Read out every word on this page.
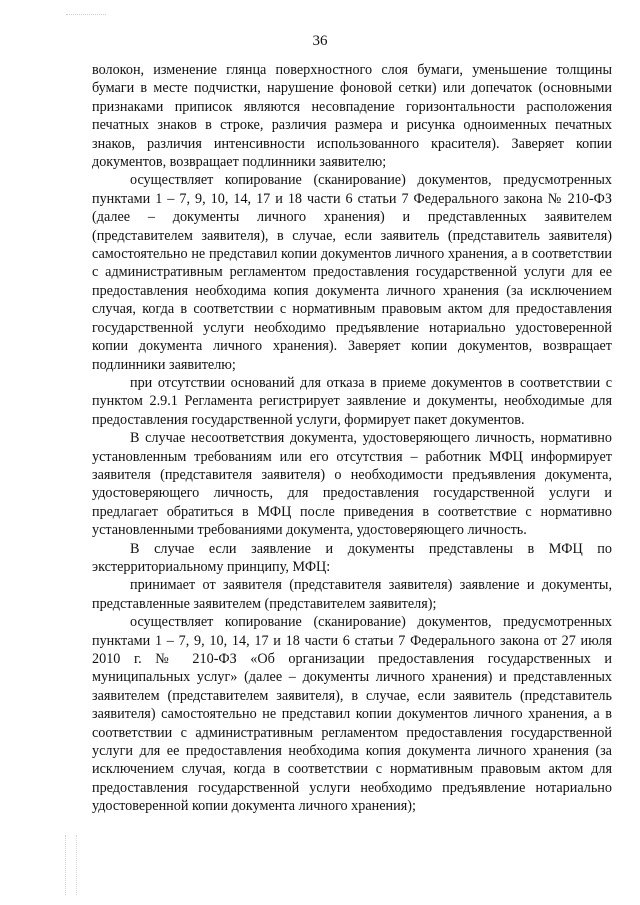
36

волокон, изменение глянца поверхностного слоя бумаги, уменьшение толщины бумаги в месте подчистки, нарушение фоновой сетки) или допечаток (основными признаками приписок являются несовпадение горизонтальности расположения печатных знаков в строке, различия размера и рисунка одноименных печатных знаков, различия интенсивности использованного красителя). Заверяет копии документов, возвращает подлинники заявителю;

осуществляет копирование (сканирование) документов, предусмотренных пунктами 1 – 7, 9, 10, 14, 17 и 18 части 6 статьи 7 Федерального закона № 210-ФЗ (далее – документы личного хранения) и представленных заявителем (представителем заявителя), в случае, если заявитель (представитель заявителя) самостоятельно не представил копии документов личного хранения, а в соответствии с административным регламентом предоставления государственной услуги для ее предоставления необходима копия документа личного хранения (за исключением случая, когда в соответствии с нормативным правовым актом для предоставления государственной услуги необходимо предъявление нотариально удостоверенной копии документа личного хранения). Заверяет копии документов, возвращает подлинники заявителю;

при отсутствии оснований для отказа в приеме документов в соответствии с пунктом 2.9.1 Регламента регистрирует заявление и документы, необходимые для предоставления государственной услуги, формирует пакет документов.

В случае несоответствия документа, удостоверяющего личность, нормативно установленным требованиям или его отсутствия – работник МФЦ информирует заявителя (представителя заявителя) о необходимости предъявления документа, удостоверяющего личность, для предоставления государственной услуги и предлагает обратиться в МФЦ после приведения в соответствие с нормативно установленными требованиями документа, удостоверяющего личность.

В случае если заявление и документы представлены в МФЦ по экстерриториальному принципу, МФЦ:

принимает от заявителя (представителя заявителя) заявление и документы, представленные заявителем (представителем заявителя);

осуществляет копирование (сканирование) документов, предусмотренных пунктами 1 – 7, 9, 10, 14, 17 и 18 части 6 статьи 7 Федерального закона от 27 июля 2010 г. № 210-ФЗ «Об организации предоставления государственных и муниципальных услуг» (далее – документы личного хранения) и представленных заявителем (представителем заявителя), в случае, если заявитель (представитель заявителя) самостоятельно не представил копии документов личного хранения, а в соответствии с административным регламентом предоставления государственной услуги для ее предоставления необходима копия документа личного хранения (за исключением случая, когда в соответствии с нормативным правовым актом для предоставления государственной услуги необходимо предъявление нотариально удостоверенной копии документа личного хранения);
